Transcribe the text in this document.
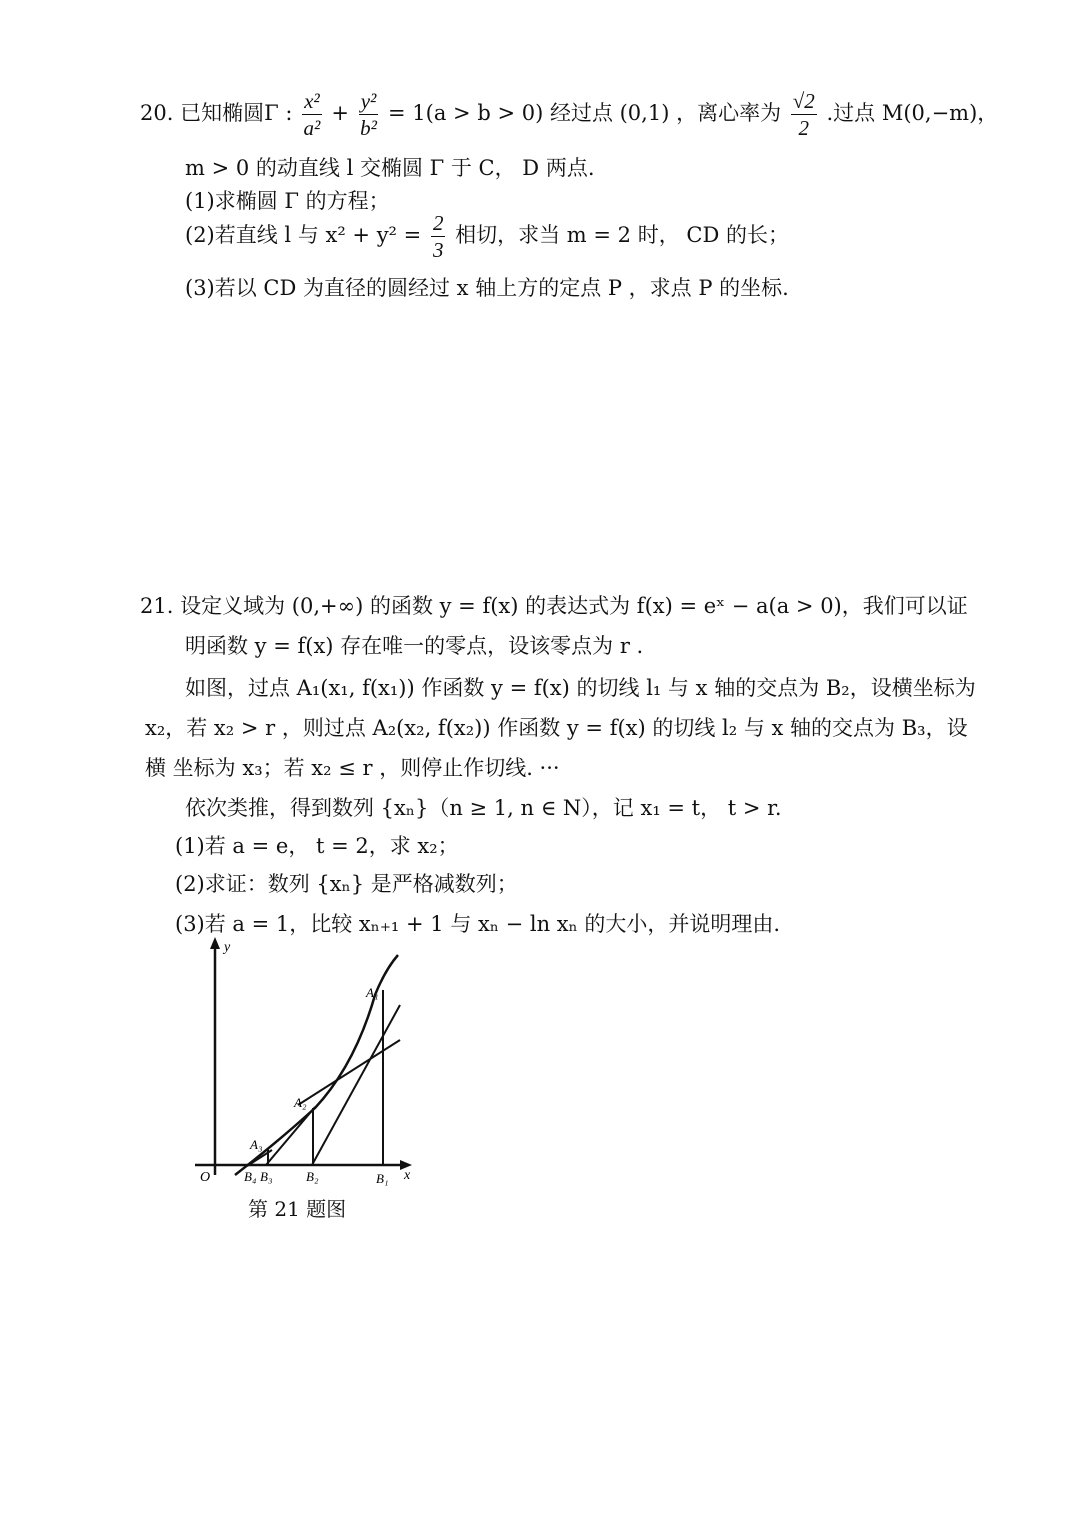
20. 已知椭圆Γ : $\frac{\text{x²}}{\text{a²}} + \frac{\text{y²}}{\text{b²}} = 1(a > b > 0)$ 经过点 (0,1) ，离心率为 $\frac{√2}{2}$ .过点 M(0,−m)，
m > 0 的动直线 l 交椭圆 Γ 于 C， D 两点.
(1)求椭圆 Γ 的方程；
(2)若直线 l 与 $x^2 + y^2 = \frac{2}{3}$ 相切，求当 m = 2 时， CD 的长；
(3)若以 CD 为直径的圆经过 x 轴上方的定点 P ，求点 P 的坐标.
21. 设定义域为 (0,+∞) 的函数 y = f(x) 的表达式为 f(x) = eˣ − a(a > 0)，我们可以证
明函数 y = f(x) 存在唯一的零点，设该零点为 r .
如图，过点 A₁(x₁, f(x₁)) 作函数 y = f(x) 的切线 l₁ 与 x 轴的交点为 B₂，设横坐标为
x₂，若 x₂ > r ，则过点 A₂(x₂, f(x₂)) 作函数 y = f(x) 的切线 l₂ 与 x 轴的交点为 B₃，设
横 坐标为 x₃；若 x₂ ≤ r ，则停止作切线. ···
依次类推，得到数列 {xₙ}（n ≥ 1, n ∈ N），记 x₁ = t， t > r.
(1)若 a = e， t = 2，求 x₂；
(2)求证：数列 {xₙ} 是严格减数列；
(3)若 a = 1，比较 xₙ₊₁ + 1 与 xₙ − ln xₙ 的大小，并说明理由.
y
x
O
A₁
A₂
A₃
B₁
B₂
B₃
B₄
第 21 题图
